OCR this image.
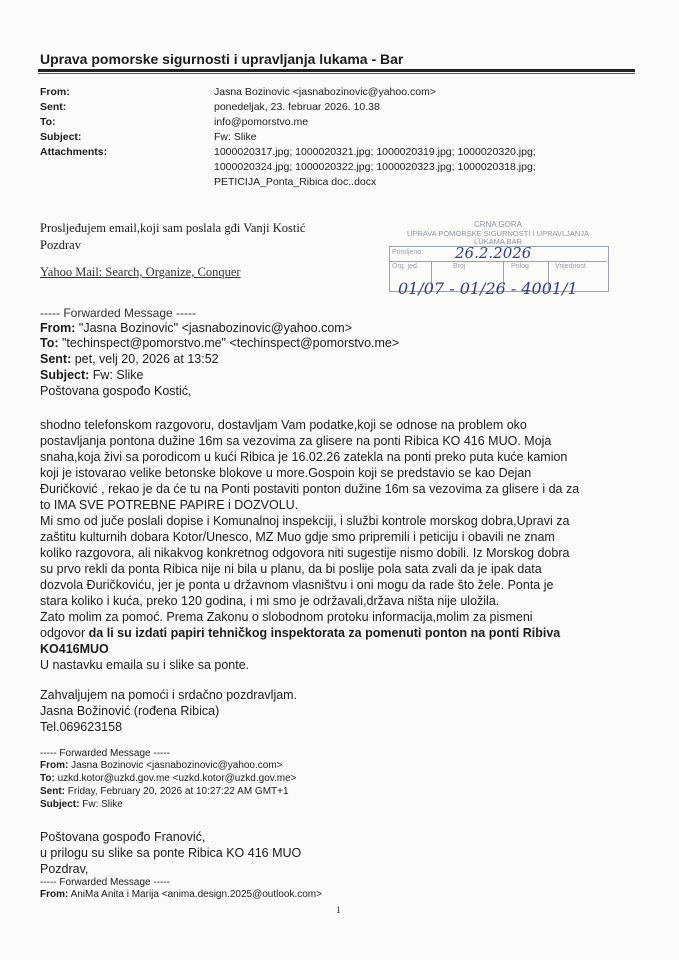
Uprava pomorske sigurnosti i upravljanja lukama - Bar
From:	Jasna Bozinovic <jasnabozinovic@yahoo.com>
Sent:	ponedeljak, 23. februar 2026. 10.38
To:	info@pomorstvo.me
Subject:	Fw: Slike
Attachments:	1000020317.jpg; 1000020321.jpg; 1000020319.jpg; 1000020320.jpg;
1000020324.jpg; 1000020322.jpg; 1000020323.jpg; 1000020318.jpg;
PETICIJA_Ponta_Ribica doc..docx
Prosljeđujem email,koji sam poslala gđi Vanji Kostić
Pozdrav
Yahoo Mail: Search, Organize, Conquer
CRNA GORA
UPRAVA POMORSKE SIGURNOSTI I UPRAVLJANJA
LUKAMA BAR
Primljeno:
Org. jed.	Broj	Prilog	Vrijednost
26.2.2026
01/07 - 01/26 - 4001/1
----- Forwarded Message -----
From: "Jasna Bozinovic" <jasnabozinovic@yahoo.com>
To: "techinspect@pomorstvo.me" <techinspect@pomorstvo.me>
Sent: pet, velj 20, 2026 at 13:52
Subject: Fw: Slike
Poštovana gospođo Kostić,
shodno telefonskom razgovoru, dostavljam Vam podatke,koji se odnose na problem oko
postavljanja pontona dužine 16m sa vezovima za glisere na ponti Ribica KO 416 MUO. Moja
snaha,koja živi sa porodicom u kući Ribica je 16.02.26 zatekla na ponti preko puta kuće kamion
koji je istovarao velike betonske blokove u more.Gospoin koji se predstavio se kao Dejan
Đuričković , rekao je da će tu na Ponti postaviti ponton dužine 16m sa vezovima za glisere i da za
to IMA SVE POTREBNE PAPIRE i DOZVOLU.
Mi smo od juče poslali dopise i Komunalnoj inspekciji, i službi kontrole morskog dobra,Upravi za
zaštitu kulturnih dobara Kotor/Unesco, MZ Muo gdje smo pripremili i peticiju i obavili ne znam
koliko razgovora, ali nikakvog konkretnog odgovora niti sugestije nismo dobili. Iz Morskog dobra
su prvo rekli da ponta Ribica nije ni bila u planu, da bi poslije pola sata zvali da je ipak data
dozvola Đuričkoviću, jer je ponta u državnom vlasništvu i oni mogu da rade što žele. Ponta je
stara koliko i kuća, preko 120 godina, i mi smo je održavali,država ništa nije uložila.
Zato molim za pomoć. Prema Zakonu o slobodnom protoku informacija,molim za pismeni
odgovor da li su izdati papiri tehničkog inspektorata za pomenuti ponton na ponti Ribiva
KO416MUO
U nastavku emaila su i slike sa ponte.
Zahvaljujem na pomoći i srdačno pozdravljam.
Jasna Božinović (rođena Ribica)
Tel.069623158
----- Forwarded Message -----
From: Jasna Bozinovic <jasnabozinovic@yahoo.com>
To: uzkd.kotor@uzkd.gov.me <uzkd.kotor@uzkd.gov.me>
Sent: Friday, February 20, 2026 at 10:27:22 AM GMT+1
Subject: Fw: Slike
Poštovana gospođo Franović,
u prilogu su slike sa ponte Ribica KO 416 MUO
Pozdrav,
----- Forwarded Message -----
From: AniMa Anita i Marija <anima.design.2025@outlook.com>
1
